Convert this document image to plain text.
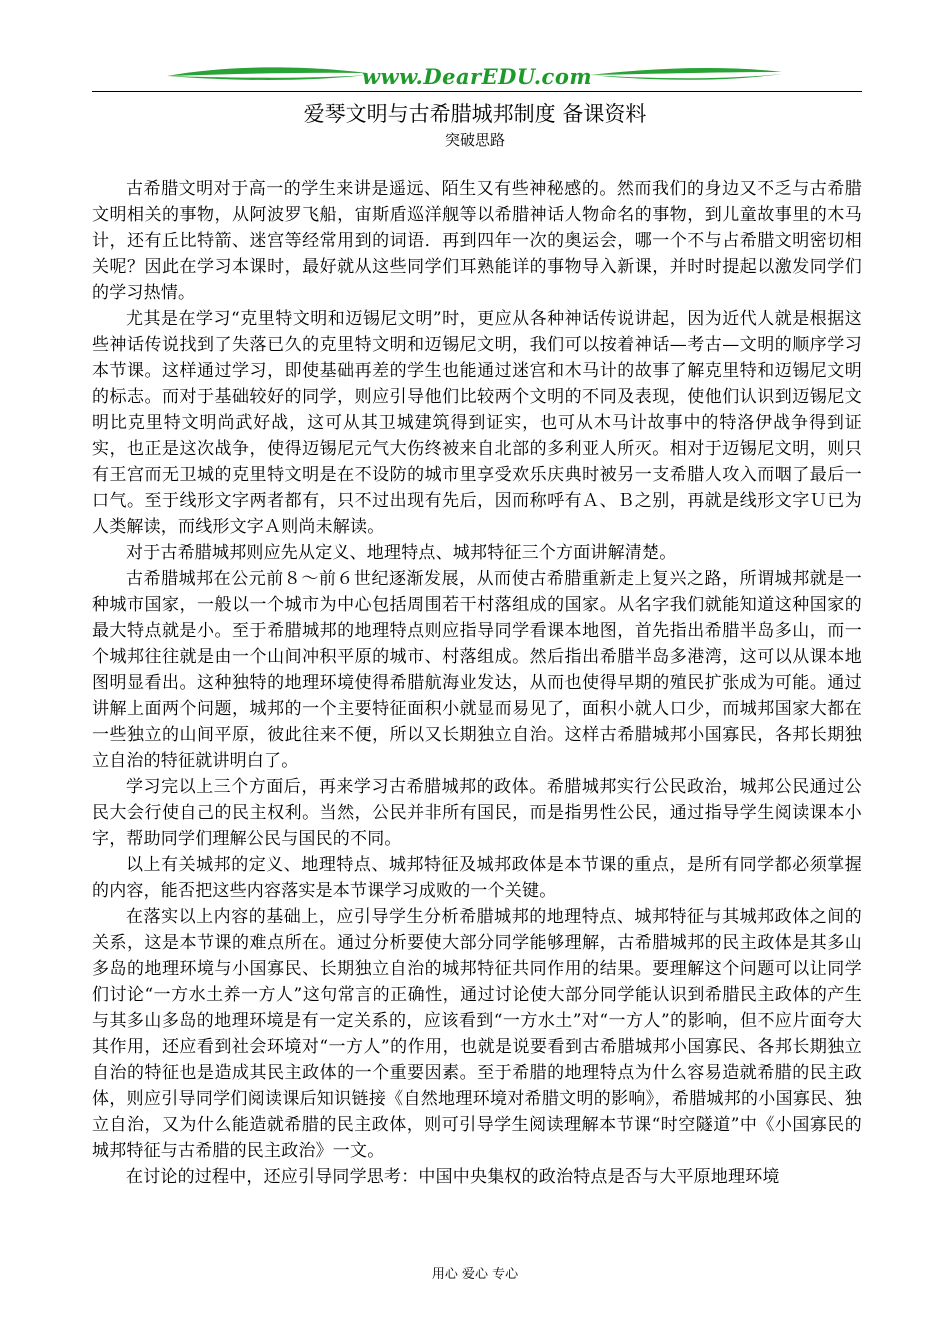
www.DearEDU.com
爱琴文明与古希腊城邦制度 备课资料
突破思路

古希腊文明对于高一的学生来讲是遥远、陌生又有些神秘感的。然而我们的身边又不乏与古希腊文明相关的事物，从阿波罗飞船，宙斯盾巡洋舰等以希腊神话人物命名的事物，到儿童故事里的木马计，还有丘比特箭、迷宫等经常用到的词语．再到四年一次的奥运会，哪一个不与占希腊文明密切相关呢？因此在学习本课时，最好就从这些同学们耳熟能详的事物导入新课，并时时提起以激发同学们的学习热情。

尤其是在学习“克里特文明和迈锡尼文明”时，更应从各种神话传说讲起，因为近代人就是根据这些神话传说找到了失落已久的克里特文明和迈锡尼文明，我们可以按着神话—考古—文明的顺序学习本节课。这样通过学习，即使基础再差的学生也能通过迷宫和木马计的故事了解克里特和迈锡尼文明的标志。而对于基础较好的同学，则应引导他们比较两个文明的不同及表现，使他们认识到迈锡尼文明比克里特文明尚武好战，这可从其卫城建筑得到证实，也可从木马计故事中的特洛伊战争得到证实，也正是这次战争，使得迈锡尼元气大伤终被来自北部的多利亚人所灭。相对于迈锡尼文明，则只有王宫而无卫城的克里特文明是在不设防的城市里享受欢乐庆典时被另一支希腊人攻入而咽了最后一口气。至于线形文字两者都有，只不过出现有先后，因而称呼有Ａ、Ｂ之别，再就是线形文字Ｕ已为人类解读，而线形文字Ａ则尚未解读。

对于古希腊城邦则应先从定义、地理特点、城邦特征三个方面讲解清楚。

古希腊城邦在公元前８～前６世纪逐渐发展，从而使古希腊重新走上复兴之路，所谓城邦就是一种城市国家，一般以一个城市为中心包括周围若干村落组成的国家。从名字我们就能知道这种国家的最大特点就是小。至于希腊城邦的地理特点则应指导同学看课本地图，首先指出希腊半岛多山，而一个城邦往往就是由一个山间冲积平原的城市、村落组成。然后指出希腊半岛多港湾，这可以从课本地图明显看出。这种独特的地理环境使得希腊航海业发达，从而也使得早期的殖民扩张成为可能。通过讲解上面两个问题，城邦的一个主要特征面积小就显而易见了，面积小就人口少，而城邦国家大都在一些独立的山间平原，彼此往来不便，所以又长期独立自治。这样古希腊城邦小国寡民，各邦长期独立自治的特征就讲明白了。

学习完以上三个方面后，再来学习古希腊城邦的政体。希腊城邦实行公民政治，城邦公民通过公民大会行使自己的民主权利。当然，公民并非所有国民，而是指男性公民，通过指导学生阅读课本小字，帮助同学们理解公民与国民的不同。

以上有关城邦的定义、地理特点、城邦特征及城邦政体是本节课的重点，是所有同学都必须掌握的内容，能否把这些内容落实是本节课学习成败的一个关键。

在落实以上内容的基础上，应引导学生分析希腊城邦的地理特点、城邦特征与其城邦政体之间的关系，这是本节课的难点所在。通过分析要使大部分同学能够理解，古希腊城邦的民主政体是其多山多岛的地理环境与小国寡民、长期独立自治的城邦特征共同作用的结果。要理解这个问题可以让同学们讨论“一方水土养一方人”这句常言的正确性，通过讨论使大部分同学能认识到希腊民主政体的产生与其多山多岛的地理环境是有一定关系的，应该看到“一方水土”对“一方人”的影响，但不应片面夸大其作用，还应看到社会环境对“一方人”的作用，也就是说要看到古希腊城邦小国寡民、各邦长期独立自治的特征也是造成其民主政体的一个重要因素。至于希腊的地理特点为什么容易造就希腊的民主政体，则应引导同学们阅读课后知识链接《自然地理环境对希腊文明的影响》，希腊城邦的小国寡民、独立自治，又为什么能造就希腊的民主政体，则可引导学生阅读理解本节课“时空隧道”中《小国寡民的城邦特征与古希腊的民主政治》一文。

在讨论的过程中，还应引导同学思考：中国中央集权的政治特点是否与大平原地理环境

用心 爱心 专心
